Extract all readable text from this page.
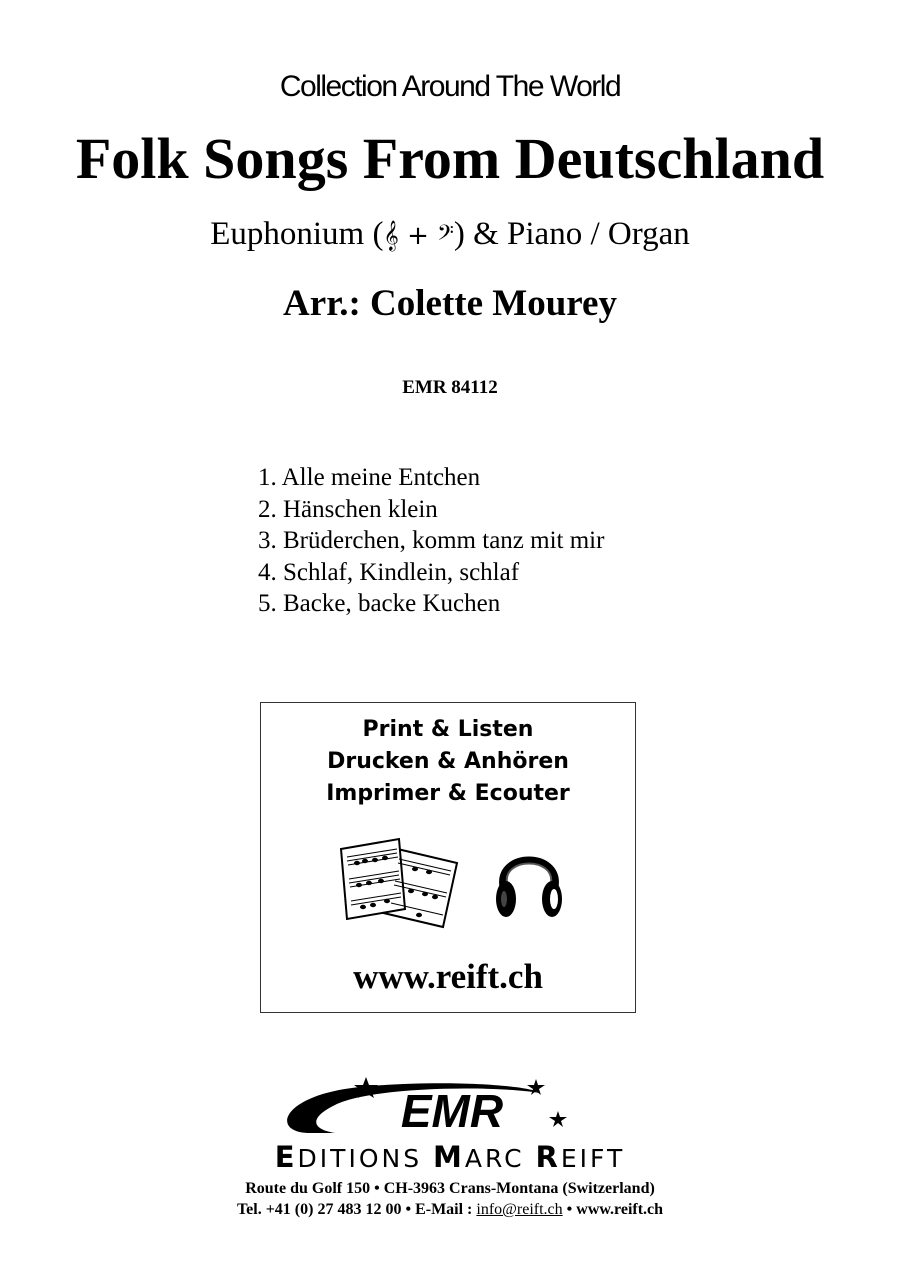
Collection Around The World
Folk Songs From Deutschland
Euphonium (𝄞 + 𝄢) & Piano / Organ
Arr.: Colette Mourey
EMR 84112
1. Alle meine Entchen
2. Hänschen klein
3. Brüderchen, komm tanz mit mir
4. Schlaf, Kindlein, schlaf
5. Backe, backe Kuchen
Print & Listen
Drucken & Anhören
Imprimer & Ecouter
www.reift.ch
EMR
EDITIONS MARC REIFT
Route du Golf 150 • CH-3963 Crans-Montana (Switzerland)
Tel. +41 (0) 27 483 12 00 • E-Mail : info@reift.ch • www.reift.ch
